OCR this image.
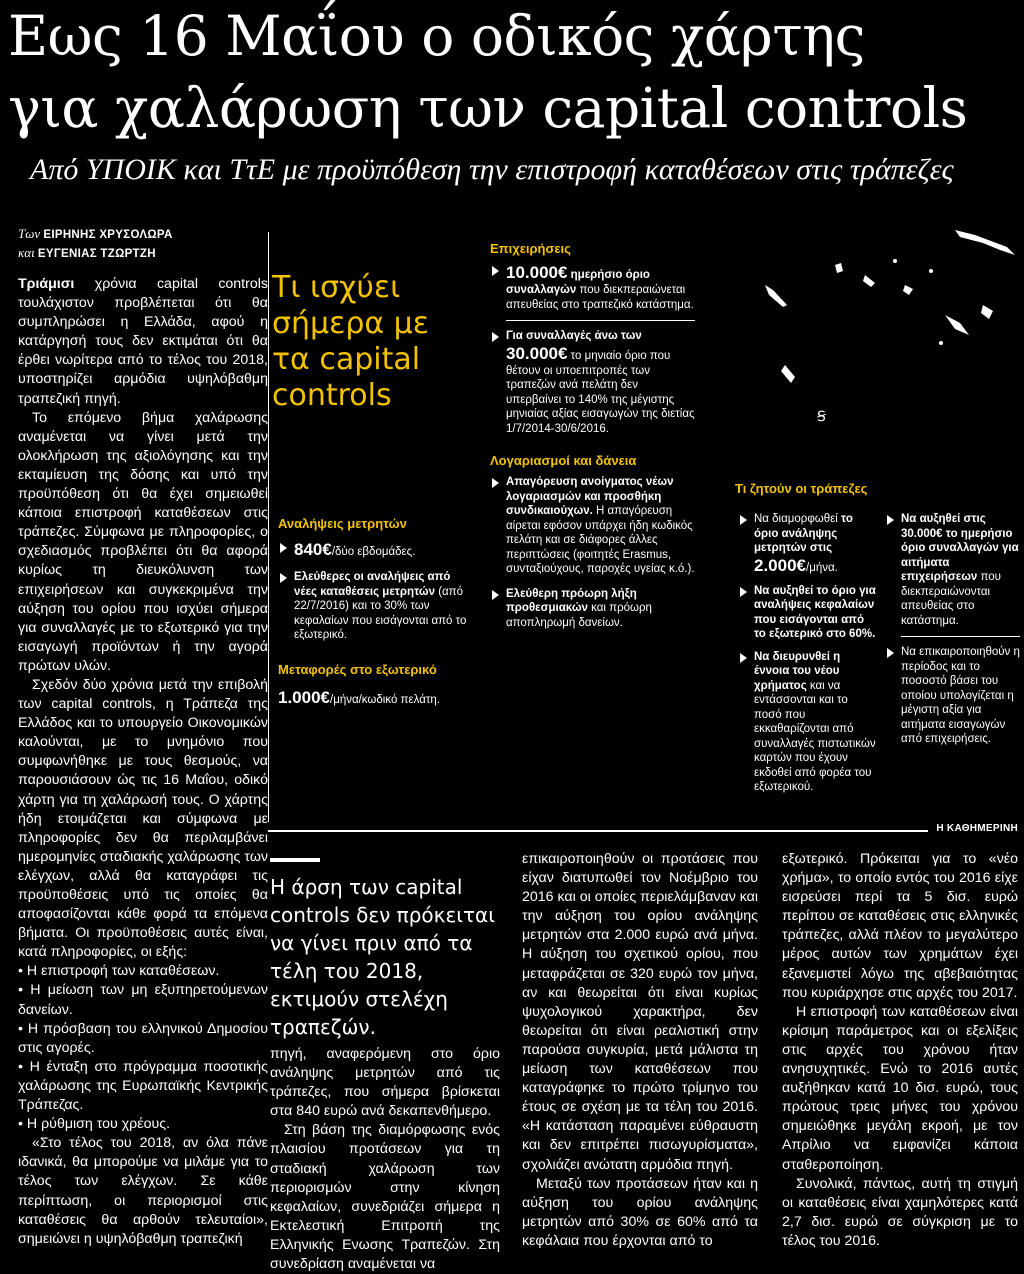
Εως 16 Μαΐου ο οδικός χάρτης
για χαλάρωση των capital controls
Από ΥΠΟΙΚ και ΤτΕ με προϋπόθεση την επιστροφή καταθέσεων στις τράπεζες
Των ΕΙΡΗΝΗΣ ΧΡΥΣΟΛΩΡΑ
και ΕΥΓΕΝΙΑΣ ΤΖΩΡΤΖΗ

Τριάμισι χρόνια capital controls τουλάχιστον προβλέπεται ότι θα συμπληρώσει η Ελλάδα, αφού η κατάργησή τους δεν εκτιμάται ότι θα έρθει νωρίτερα από το τέλος του 2018, υποστηρίζει αρμόδια υψηλόβαθμη τραπεζική πηγή.

Το επόμενο βήμα χαλάρωσης αναμένεται να γίνει μετά την ολοκλήρωση της αξιολόγησης και την εκταμίευση της δόσης και υπό την προϋπόθεση ότι θα έχει σημειωθεί κάποια επιστροφή καταθέσεων στις τράπεζες. Σύμφωνα με πληροφορίες, ο σχεδιασμός προβλέπει ότι θα αφορά κυρίως τη διευκόλυνση των επιχειρήσεων και συγκεκριμένα την αύξηση του ορίου που ισχύει σήμερα για συναλλαγές με το εξωτερικό για την εισαγωγή προϊόντων ή την αγορά πρώτων υλών.

Σχεδόν δύο χρόνια μετά την επιβολή των capital controls, η Τράπεζα της Ελλάδος και το υπουργείο Οικονομικών καλούνται, με το μνημόνιο που συμφωνήθηκε με τους θεσμούς, να παρουσιάσουν ώς τις 16 Μαΐου, οδικό χάρτη για τη χαλάρωσή τους. Ο χάρτης ήδη ετοιμάζεται και σύμφωνα με πληροφορίες δεν θα περιλαμβάνει ημερομηνίες σταδιακής χαλάρωσης των ελέγχων, αλλά θα καταγράφει τις προϋποθέσεις υπό τις οποίες θα αποφασίζονται κάθε φορά τα επόμενα βήματα. Οι προϋποθέσεις αυτές είναι, κατά πληροφορίες, οι εξής:

• Η επιστροφή των καταθέσεων.
• Η μείωση των μη εξυπηρετούμενων δανείων.
• Η πρόσβαση του ελληνικού Δημοσίου στις αγορές.
• Η ένταξη στο πρόγραμμα ποσοτικής χαλάρωσης της Ευρωπαϊκής Κεντρικής Τράπεζας.
• Η ρύθμιση του χρέους.

«Στο τέλος του 2018, αν όλα πάνε ιδανικά, θα μπορούμε να μιλάμε για το τέλος των ελέγχων. Σε κάθε περίπτωση, οι περιορισμοί στις καταθέσεις θα αρθούν τελευταίοι», σημειώνει η υψηλόβαθμη τραπεζική

Τι ισχύει σήμερα με τα capital controls

Αναλήψεις μετρητών

840€/δύο εβδομάδες.

Ελεύθερες οι αναλήψεις από νέες καταθέσεις μετρητών (από 22/7/2016) και το 30% των κεφαλαίων που εισάγονται από το εξωτερικό.

Μεταφορές στο εξωτερικό

1.000€/μήνα/κωδικό πελάτη.

Επιχειρήσεις

10.000€ ημερήσιο όριο συναλλαγών που διεκπεραιώνεται απευθείας στο τραπεζικό κατάστημα.

Για συναλλαγές άνω των 30.000€ το μηνιαίο όριο που θέτουν οι υποεπιτροπές των τραπεζών ανά πελάτη δεν υπερβαίνει το 140% της μέγιστης μηνιαίας αξίας εισαγωγών της διετίας 1/7/2014-30/6/2016.

Λογαριασμοί και δάνεια

Απαγόρευση ανοίγματος νέων λογαριασμών και προσθήκη συνδικαιούχων. Η απαγόρευση αίρεται εφόσον υπάρχει ήδη κωδικός πελάτη και σε διάφορες άλλες περιπτώσεις (φοιτητές Erasmus, συνταξιούχους, παροχές υγείας κ.ό.).

Ελεύθερη πρόωρη λήξη προθεσμιακών και πρόωρη αποπληρωμή δανείων.

Ꞩ

Τι ζητούν οι τράπεζες

Να διαμορφωθεί το όριο ανάληψης μετρητών στις 2.000€/μήνα.

Να αυξηθεί το όριο για αναλήψεις κεφαλαίων που εισάγονται από το εξωτερικό στο 60%.

Να διευρυνθεί η έννοια του νέου χρήματος και να εντάσσονται και το ποσό που εκκαθαρίζονται από συναλλαγές πιστωτικών καρτών που έχουν εκδοθεί από φορέα του εξωτερικού.

Να αυξηθεί στις 30.000€ το ημερήσιο όριο συναλλαγών για αιτήματα επιχειρήσεων που διεκπεραιώνονται απευθείας στο κατάστημα.

Να επικαιροποιηθούν η περίοδος και το ποσοστό βάσει του οποίου υπολογίζεται η μέγιστη αξία για αιτήματα εισαγωγών από επιχειρήσεις.

Η ΚΑΘΗΜΕΡΙΝΗ

Η άρση των capital controls δεν πρόκειται να γίνει πριν από τα τέλη του 2018, εκτιμούν στελέχη τραπεζών.

πηγή, αναφερόμενη στο όριο ανάληψης μετρητών από τις τράπεζες, που σήμερα βρίσκεται στα 840 ευρώ ανά δεκαπενθήμερο.

Στη βάση της διαμόρφωσης ενός πλαισίου προτάσεων για τη σταδιακή χαλάρωση των περιορισμών στην κίνηση κεφαλαίων, συνεδριάζει σήμερα η Εκτελεστική Επιτροπή της Ελληνικής Ενωσης Τραπεζών. Στη συνεδρίαση αναμένεται να

επικαιροποιηθούν οι προτάσεις που είχαν διατυπωθεί τον Νοέμβριο του 2016 και οι οποίες περιελάμβαναν και την αύξηση του ορίου ανάληψης μετρητών στα 2.000 ευρώ ανά μήνα. Η αύξηση του σχετικού ορίου, που μεταφράζεται σε 320 ευρώ τον μήνα, αν και θεωρείται ότι είναι κυρίως ψυχολογικού χαρακτήρα, δεν θεωρείται ότι είναι ρεαλιστική στην παρούσα συγκυρία, μετά μάλιστα τη μείωση των καταθέσεων που καταγράφηκε το πρώτο τρίμηνο του έτους σε σχέση με τα τέλη του 2016. «Η κατάσταση παραμένει εύθραυστη και δεν επιτρέπει πισωγυρίσματα», σχολιάζει ανώτατη αρμόδια πηγή.

Μεταξύ των προτάσεων ήταν και η αύξηση του ορίου ανάληψης μετρητών από 30% σε 60% από τα κεφάλαια που έρχονται από το

εξωτερικό. Πρόκειται για το «νέο χρήμα», το οποίο εντός του 2016 είχε εισρεύσει περί τα 5 δισ. ευρώ περίπου σε καταθέσεις στις ελληνικές τράπεζες, αλλά πλέον το μεγαλύτερο μέρος αυτών των χρημάτων έχει εξανεμιστεί λόγω της αβεβαιότητας που κυριάρχησε στις αρχές του 2017.

Η επιστροφή των καταθέσεων είναι κρίσιμη παράμετρος και οι εξελίξεις στις αρχές του χρόνου ήταν ανησυχητικές. Ενώ το 2016 αυτές αυξήθηκαν κατά 10 δισ. ευρώ, τους πρώτους τρεις μήνες του χρόνου σημειώθηκε μεγάλη εκροή, με τον Απρίλιο να εμφανίζει κάποια σταθεροποίηση.

Συνολικά, πάντως, αυτή τη στιγμή οι καταθέσεις είναι χαμηλότερες κατά 2,7 δισ. ευρώ σε σύγκριση με το τέλος του 2016.
